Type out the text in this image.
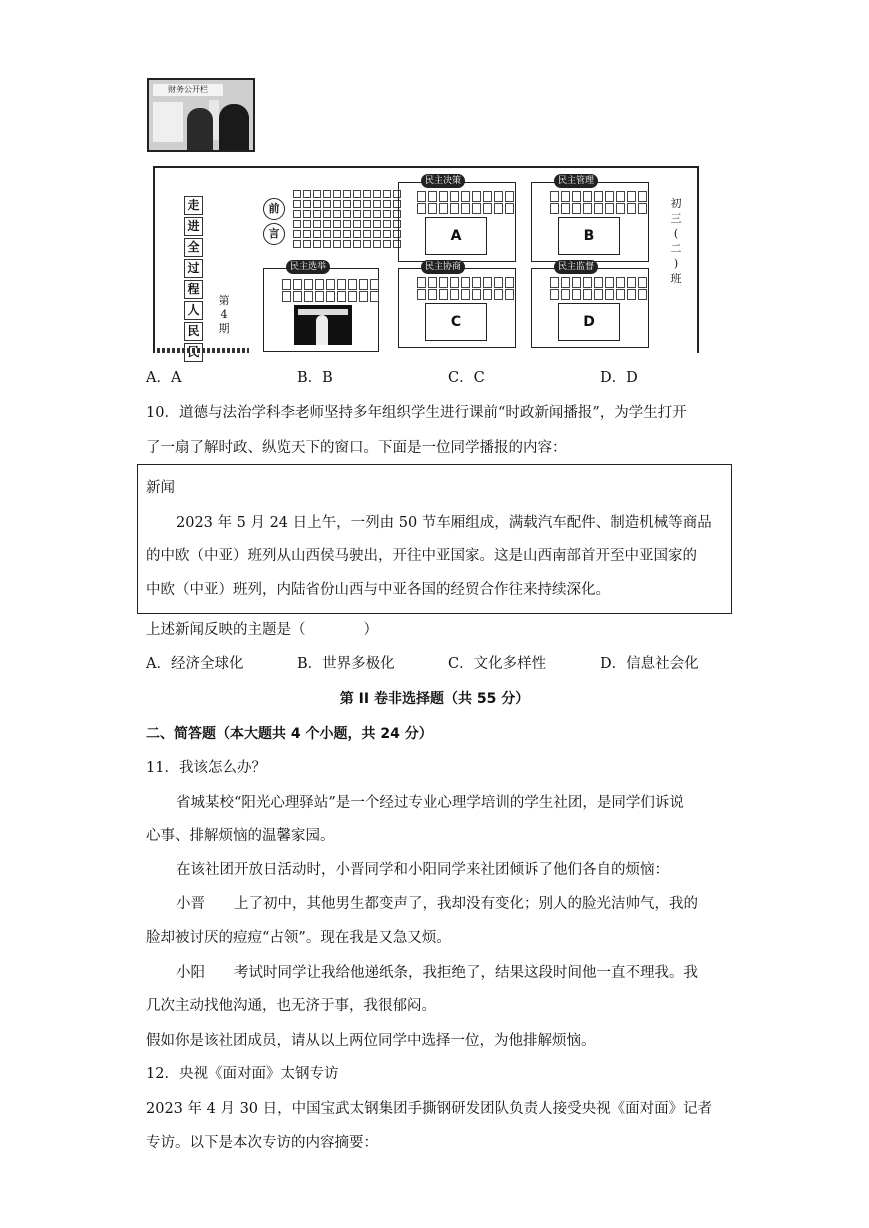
财务公开栏
走
进
全
过
程
人
民
第
4
期
前
言
民主选举
民主决策
A
民主管理
B
民主协商
C
民主监督
D
初
三
(
二
)
班
A．A	B．B	C．C	D．D
10．道德与法治学科李老师坚持多年组织学生进行课前“时政新闻播报”，为学生打开
了一扇了解时政、纵览天下的窗口。下面是一位同学播报的内容：
新闻
2023 年 5 月 24 日上午，一列由 50 节车厢组成，满载汽车配件、制造机械等商品
的中欧（中亚）班列从山西侯马驶出，开往中亚国家。这是山西南部首开至中亚国家的
中欧（中亚）班列，内陆省份山西与中亚各国的经贸合作往来持续深化。
上述新闻反映的主题是（　　　　）
A．经济全球化	B．世界多极化	C．文化多样性	D．信息社会化
第 II 卷非选择题（共 55 分）
二、简答题（本大题共 4 个小题，共 24 分）
11．我该怎么办？
省城某校“阳光心理驿站”是一个经过专业心理学培训的学生社团，是同学们诉说
心事、排解烦恼的温馨家园。
在该社团开放日活动时，小晋同学和小阳同学来社团倾诉了他们各自的烦恼：
小晋　　上了初中，其他男生都变声了，我却没有变化；别人的脸光洁帅气，我的
脸却被讨厌的痘痘“占领”。现在我是又急又烦。
小阳　　考试时同学让我给他递纸条，我拒绝了，结果这段时间他一直不理我。我
几次主动找他沟通，也无济于事，我很郁闷。
假如你是该社团成员，请从以上两位同学中选择一位，为他排解烦恼。
12．央视《面对面》太钢专访
2023 年 4 月 30 日，中国宝武太钢集团手撕钢研发团队负责人接受央视《面对面》记者
专访。以下是本次专访的内容摘要：
